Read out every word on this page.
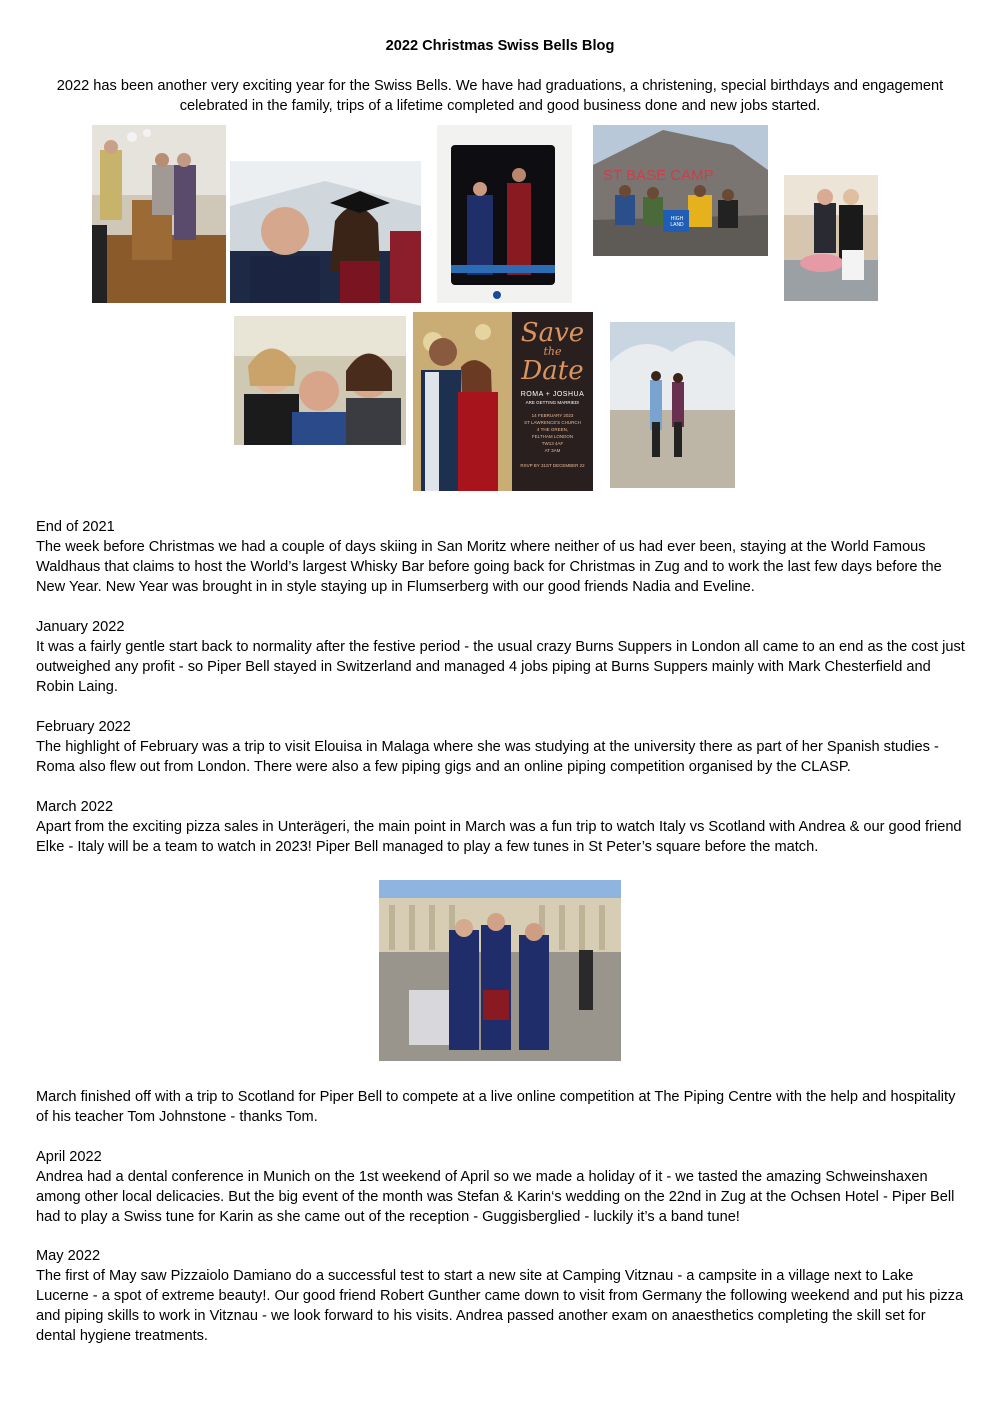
2022 Christmas Swiss Bells Blog

2022 has been another very exciting year for the Swiss Bells. We have had graduations, a christening, special birthdays and engagement celebrated in the family, trips of a lifetime completed and good business done and new jobs started.

ST BASE CAMP
HIGH LAND
Save
the
Date
ROMA + JOSHUA
ARE GETTING MARRIED!
14 FEBRUARY 2023
ST LAWRENCE'S CHURCH
4 THE GREEN,
FELTHAM LONDON
TW13 4AF
AT 3AM
RSVP BY 31ST DECEMBER 22
End of 2021
The week before Christmas we had a couple of days skiing in San Moritz where neither of us had ever been, staying at the World Famous Waldhaus that claims to host the World’s largest Whisky Bar before going back for Christmas in Zug and to work the last few days before the New Year. New Year was brought in in style staying up in Flumserberg with our good friends Nadia and Eveline.
January 2022
It was a fairly gentle start back to normality after the festive period - the usual crazy Burns Suppers in London all came to an end as the cost just outweighed any profit - so Piper Bell stayed in Switzerland and managed 4 jobs piping at Burns Suppers mainly with Mark Chesterfield and Robin Laing.
February 2022
The highlight of February was a trip to visit Elouisa in Malaga where she was studying at the university there as part of her Spanish studies - Roma also flew out from London. There were also a few piping gigs and an online piping competition organised by the CLASP.
March 2022
Apart from the exciting pizza sales in Unterägeri, the main point in March was a fun trip to watch Italy vs Scotland with Andrea & our good friend Elke - Italy will be a team to watch in 2023! Piper Bell managed to play a few tunes in St Peter’s square before the match.

March finished off with a trip to Scotland for Piper Bell to compete at a live online competition at The Piping Centre with the help and hospitality of his teacher Tom Johnstone - thanks Tom.

April 2022
Andrea had a dental conference in Munich on the 1st weekend of April so we made a holiday of it - we tasted the amazing Schweinshaxen among other local delicacies. But the big event of the month was Stefan & Karin‘s wedding on the 22nd in Zug at the Ochsen Hotel - Piper Bell had to play a Swiss tune for Karin as she came out of the reception - Guggisberglied - luckily it’s a band tune!
May 2022
The first of May saw Pizzaiolo Damiano do a successful test to start a new site at Camping Vitznau - a campsite in a village next to Lake Lucerne - a spot of extreme beauty!. Our good friend Robert Gunther came down to visit from Germany the following weekend and put his pizza and piping skills to work in Vitznau - we look forward to his visits. Andrea passed another exam on anaesthetics completing the skill set for dental hygiene treatments.
